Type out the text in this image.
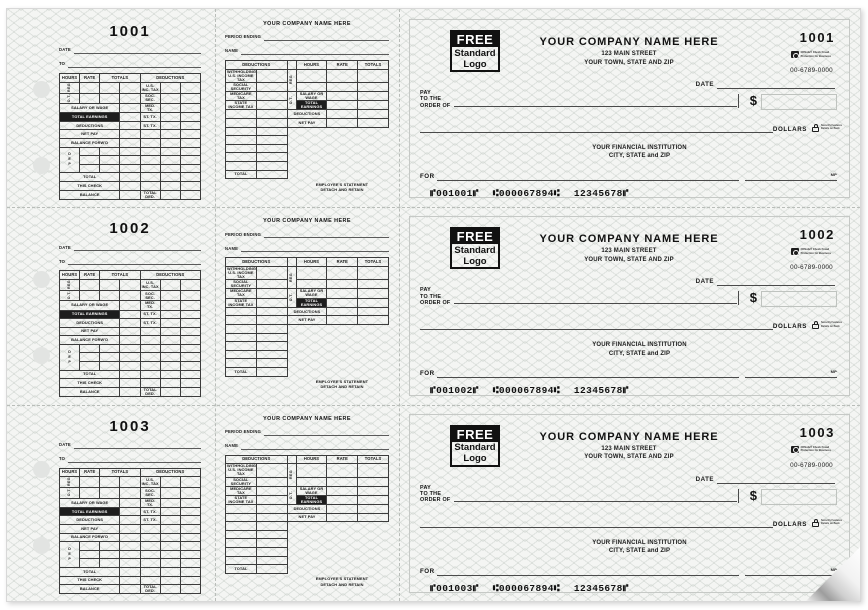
1001
DATE
TO
HOURS	RATE	TOTALS		DEDUCTIONS		
REG				U.S. INC. TAX		
O.T.				SOC. SEC.		
SALARY OR WAGE				MED. TX.		
TOTAL EARNINGS				ST. TX.		
DEDUCTIONS				ST. TX.		
NET PAY						
BALANCE FORW'D						

D
E
P						

TOTAL						
THIS CHECK						
BALANCE				TOTAL DED.		
YOUR COMPANY NAME HERE
PERIOD ENDING
NAME
DEDUCTIONS			HOURS	RATE	TOTALS
WITHHOLDING
U.S. INCOME TAX		REG			
SOCIAL
SECURITY					
MEDICARE
TAX		O.T.	SALARY OR WAGE		
STATE
INCOME TAX			TOTAL EARNINGS		
		DEDUCTIONS			
		NET PAY			

TOTAL					
EMPLOYEE'S STATEMENT
DETACH AND RETAIN
FREE
Standard
Logo
YOUR COMPANY NAME HERE
123 MAIN STREET
YOUR TOWN, STATE AND ZIP
1001
CDSafe® Check Fraud
Protection for Business
00-6789-0000
DATE
PAY
TO THE
ORDER OF	$
DOLLARS
Security Features
Details on Back
YOUR FINANCIAL INSTITUTION
CITY, STATE and ZIP
FOR	MP
⑈001001⑈ ⑆000067894⑆ 12345678⑈
1002
DATE
TO
HOURS	RATE	TOTALS		DEDUCTIONS		
REG				U.S. INC. TAX		
O.T.				SOC. SEC.		
SALARY OR WAGE				MED. TX.		
TOTAL EARNINGS				ST. TX.		
DEDUCTIONS				ST. TX.		
NET PAY						
BALANCE FORW'D						

D
E
P						

TOTAL						
THIS CHECK						
BALANCE				TOTAL DED.		
YOUR COMPANY NAME HERE
PERIOD ENDING
NAME
DEDUCTIONS			HOURS	RATE	TOTALS
WITHHOLDING
U.S. INCOME TAX		REG			
SOCIAL
SECURITY					
MEDICARE
TAX		O.T.	SALARY OR WAGE		
STATE
INCOME TAX			TOTAL EARNINGS		
		DEDUCTIONS			
		NET PAY			

TOTAL					
EMPLOYEE'S STATEMENT
DETACH AND RETAIN
FREE
Standard
Logo
YOUR COMPANY NAME HERE
123 MAIN STREET
YOUR TOWN, STATE AND ZIP
1002
CDSafe® Check Fraud
Protection for Business
00-6789-0000
DATE
PAY
TO THE
ORDER OF	$
DOLLARS
Security Features
Details on Back
YOUR FINANCIAL INSTITUTION
CITY, STATE and ZIP
FOR	MP
⑈001002⑈ ⑆000067894⑆ 12345678⑈
1003
DATE
TO
HOURS	RATE	TOTALS		DEDUCTIONS		
REG				U.S. INC. TAX		
O.T.				SOC. SEC.		
SALARY OR WAGE				MED. TX.		
TOTAL EARNINGS				ST. TX.		
DEDUCTIONS				ST. TX.		
NET PAY						
BALANCE FORW'D						

D
E
P						

TOTAL						
THIS CHECK						
BALANCE				TOTAL DED.		
YOUR COMPANY NAME HERE
PERIOD ENDING
NAME
DEDUCTIONS			HOURS	RATE	TOTALS
WITHHOLDING
U.S. INCOME TAX		REG			
SOCIAL
SECURITY					
MEDICARE
TAX		O.T.	SALARY OR WAGE		
STATE
INCOME TAX			TOTAL EARNINGS		
		DEDUCTIONS			
		NET PAY			

TOTAL					
EMPLOYEE'S STATEMENT
DETACH AND RETAIN
FREE
Standard
Logo
YOUR COMPANY NAME HERE
123 MAIN STREET
YOUR TOWN, STATE AND ZIP
1003
CDSafe® Check Fraud
Protection for Business
00-6789-0000
DATE
PAY
TO THE
ORDER OF	$
DOLLARS
Security Features
Details on Back
YOUR FINANCIAL INSTITUTION
CITY, STATE and ZIP
FOR	MP
⑈001003⑈ ⑆000067894⑆ 12345678⑈
